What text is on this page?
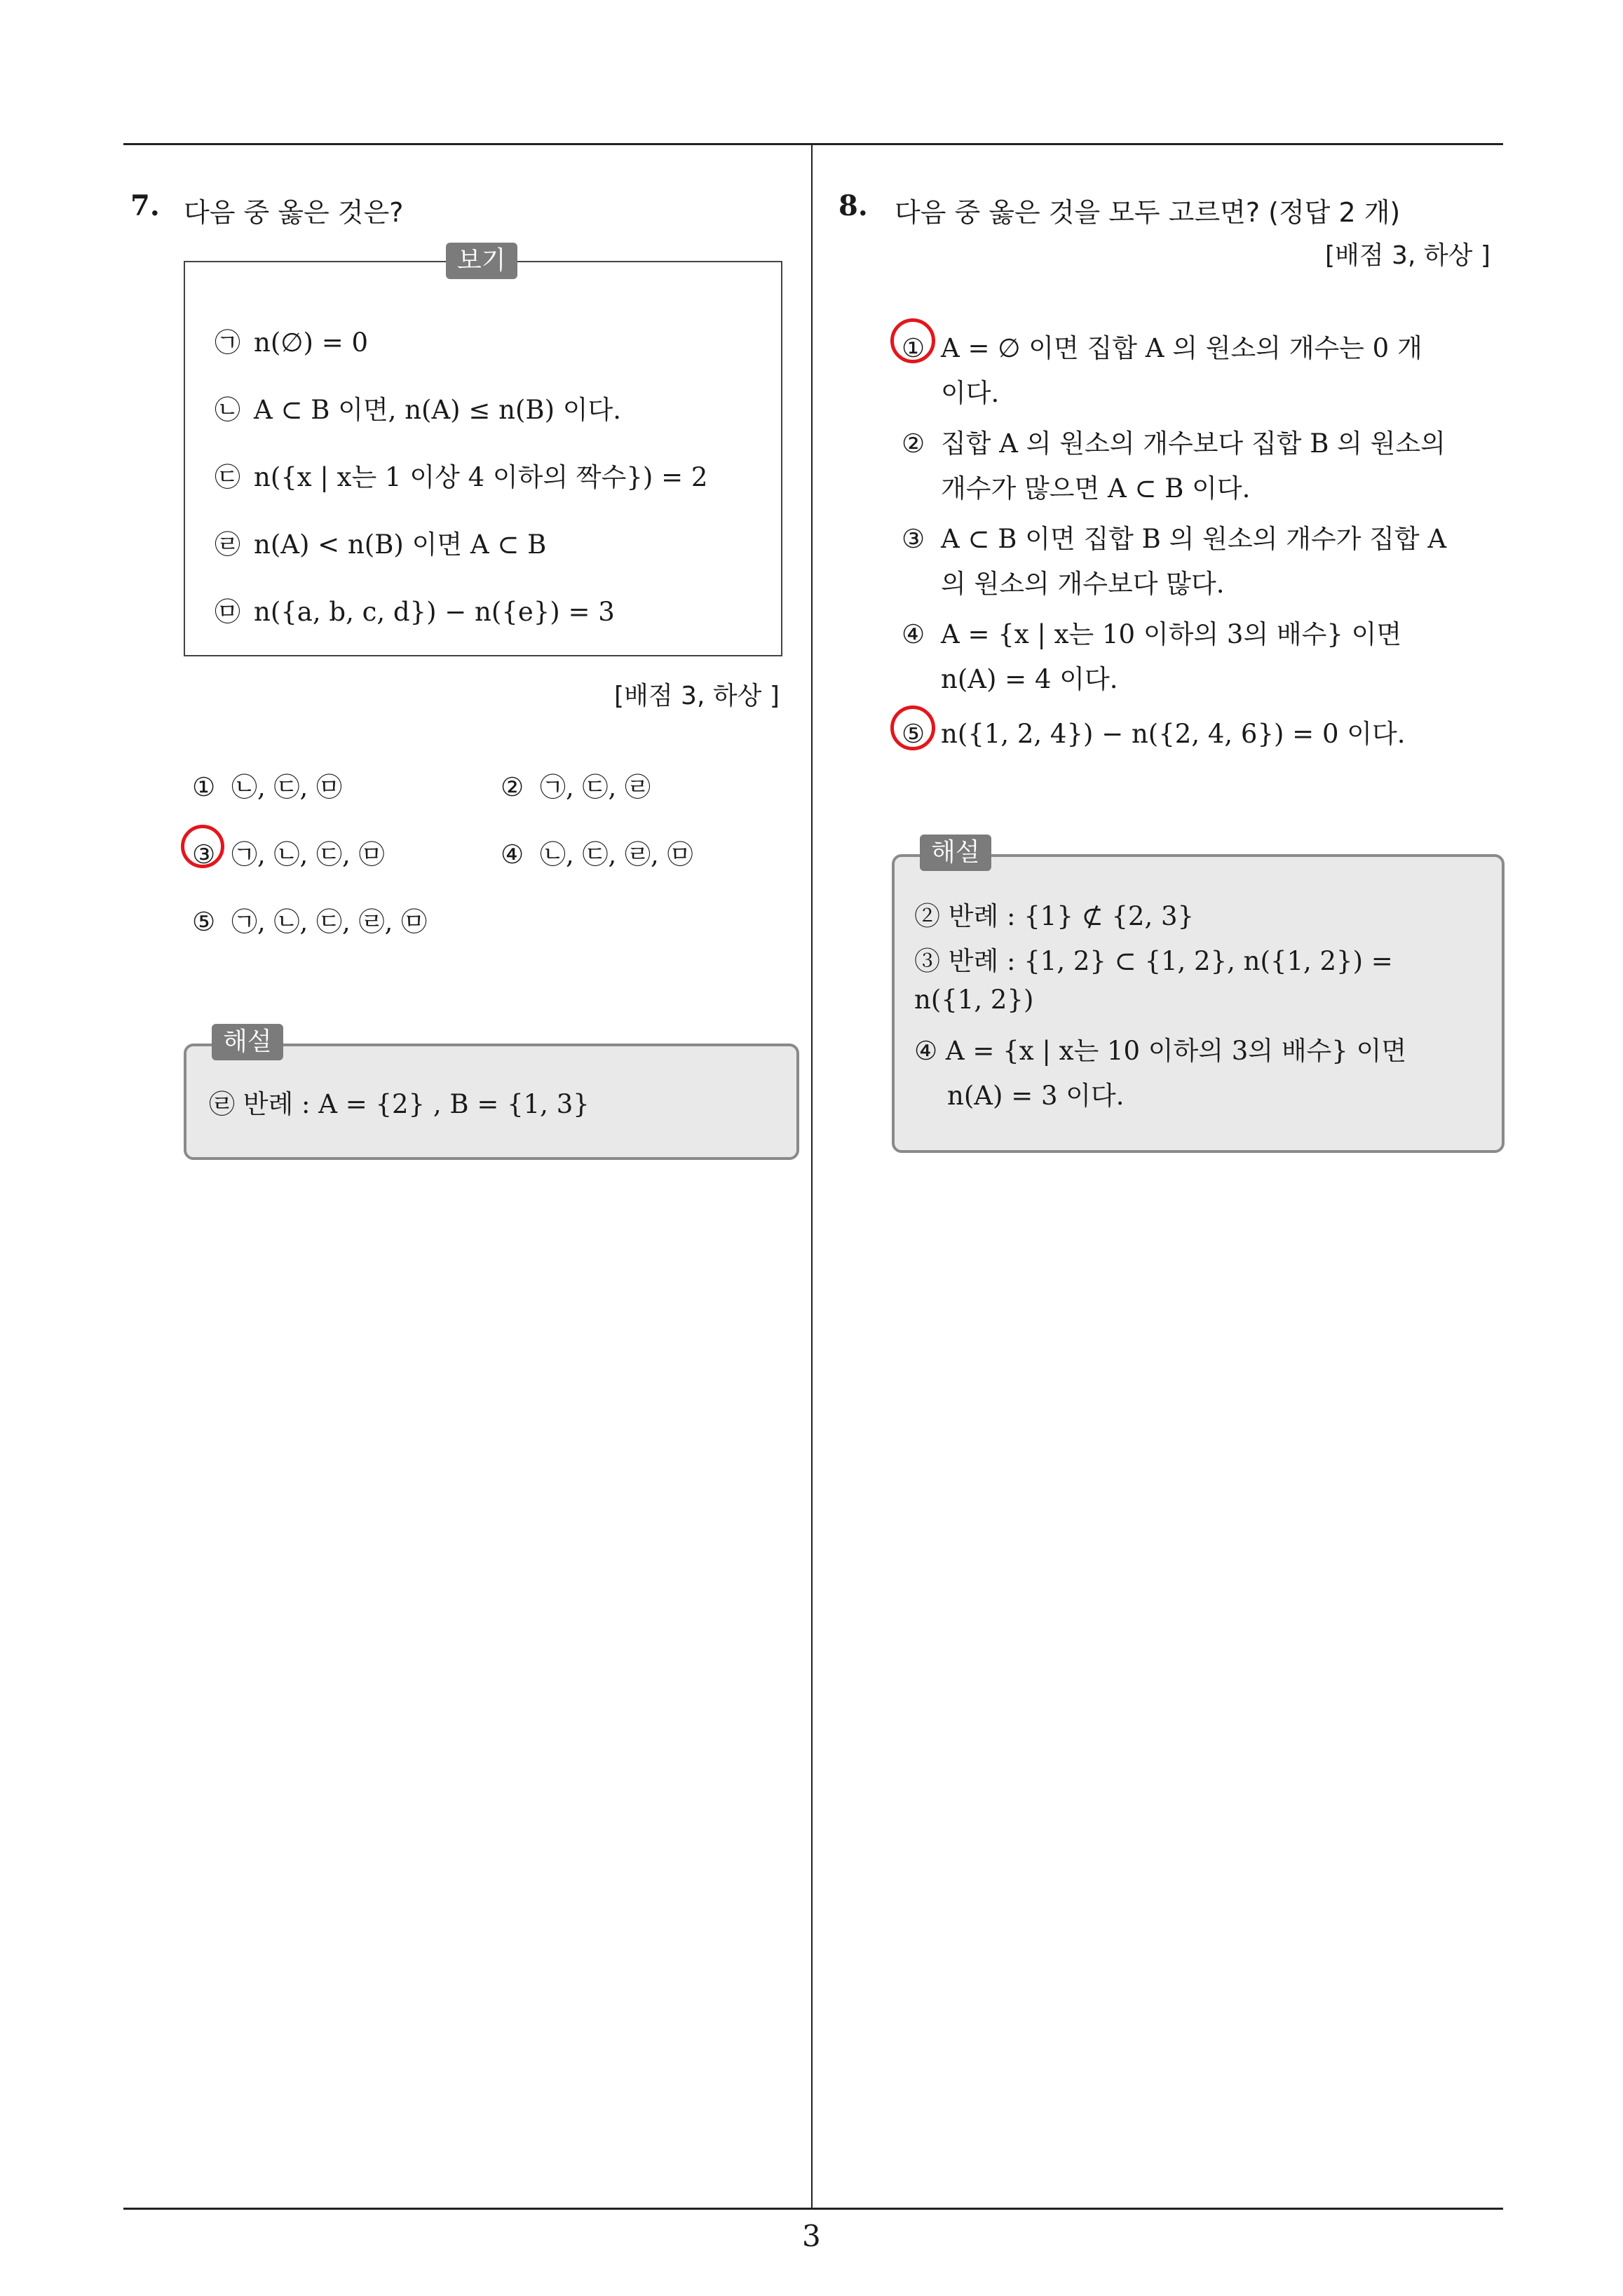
7. 다음 중 옳은 것은?
보기
㉠ n(∅) = 0
㉡ A ⊂ B 이면, n(A) ≤ n(B) 이다.
㉢ n({x | x는 1 이상 4 이하의 짝수}) = 2
㉣ n(A) < n(B) 이면 A ⊂ B
㉤ n({a, b, c, d}) − n({e}) = 3
[배점 3, 하상 ]
① ㉡, ㉢, ㉤	② ㉠, ㉢, ㉣
③ ㉠, ㉡, ㉢, ㉤	④ ㉡, ㉢, ㉣, ㉤
⑤ ㉠, ㉡, ㉢, ㉣, ㉤
해설
㉣ 반례 : A = {2} , B = {1, 3}
8. 다음 중 옳은 것을 모두 고르면? (정답 2 개)
[배점 3, 하상 ]
① A = ∅ 이면 집합 A 의 원소의 개수는 0 개
이다.
② 집합 A 의 원소의 개수보다 집합 B 의 원소의
개수가 많으면 A ⊂ B 이다.
③ A ⊂ B 이면 집합 B 의 원소의 개수가 집합 A
의 원소의 개수보다 많다.
④ A = {x | x는 10 이하의 3의 배수} 이면
n(A) = 4 이다.
⑤ n({1, 2, 4}) − n({2, 4, 6}) = 0 이다.
해설
② 반례 : {1} ⊄ {2, 3}
③ 반례 : {1, 2} ⊂ {1, 2}, n({1, 2}) =
n({1, 2})
④ A = {x | x는 10 이하의 3의 배수} 이면
n(A) = 3 이다.
3
